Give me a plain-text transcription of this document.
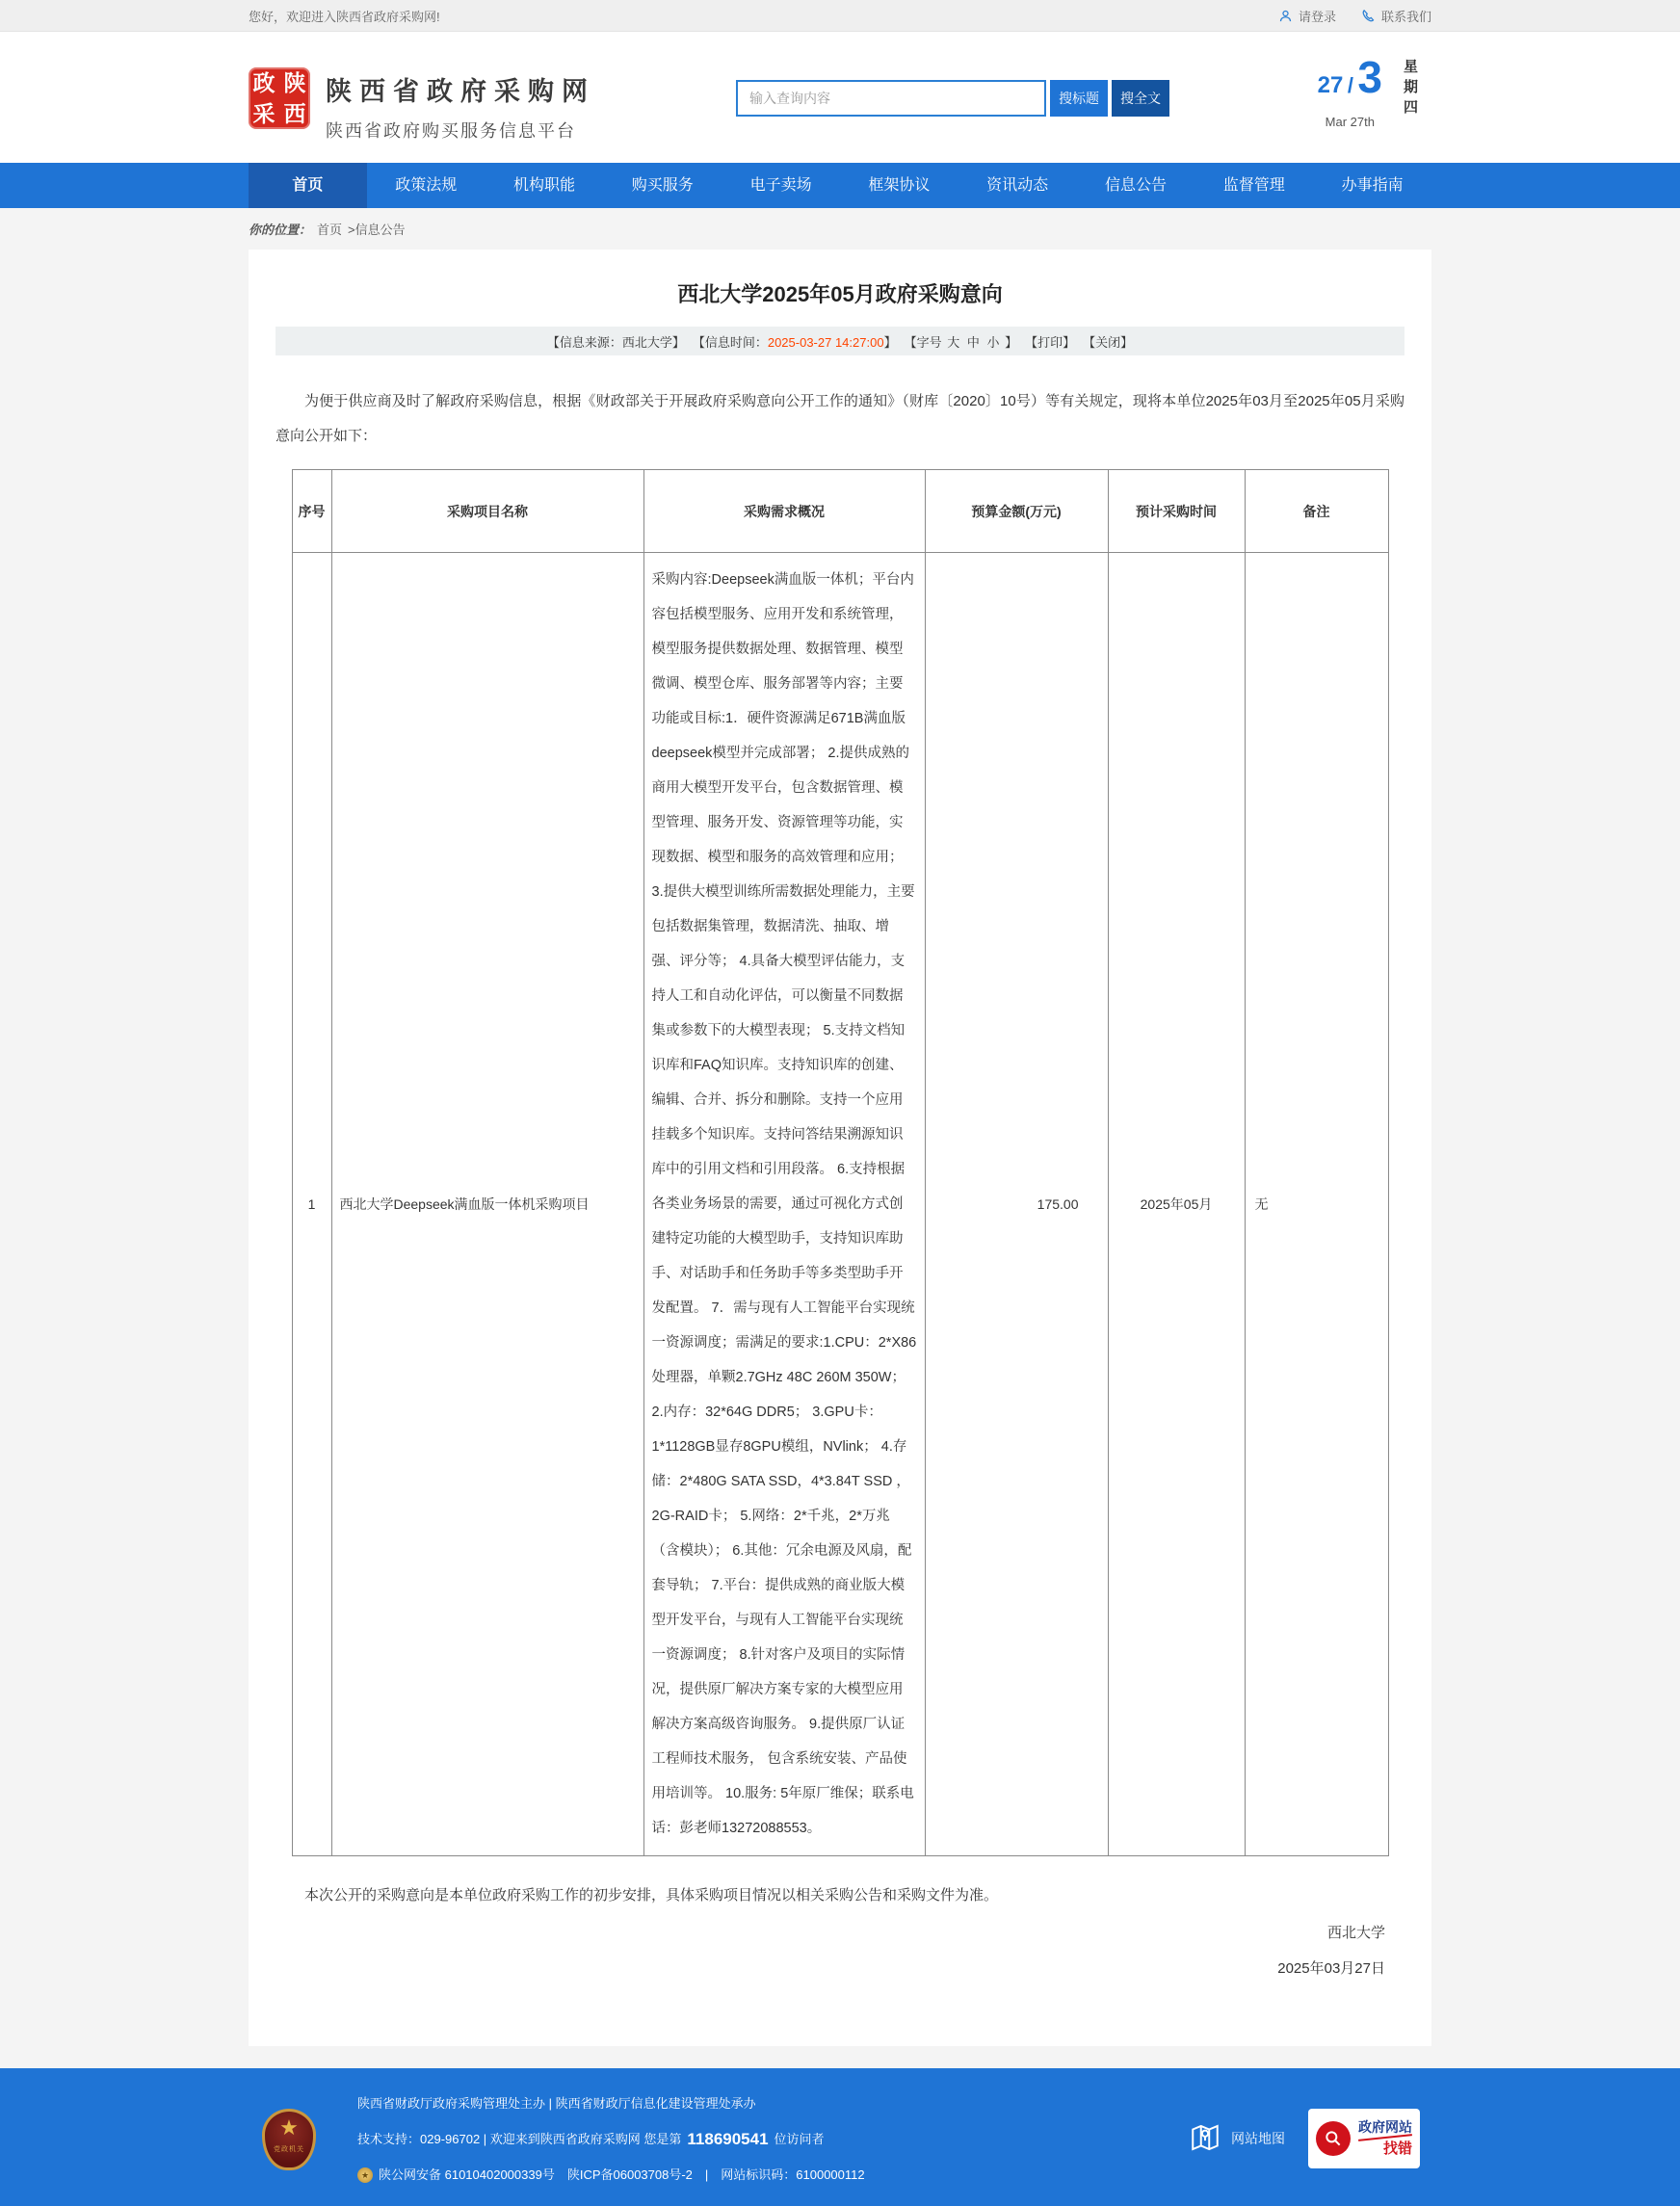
您好，欢迎进入陕西省政府采购网!	请登录	联系我们
政 陕
采 西
陕西省政府采购网
陕西省政府购买服务信息平台
输入查询内容
搜标题	搜全文	27 / 3
Mar 27th
星期四
首页	政策法规	机构职能	购买服务	电子卖场	框架协议	资讯动态	信息公告	监督管理	办事指南
你的位置： 首页 >信息公告
西北大学2025年05月政府采购意向
【信息来源：西北大学】 【信息时间：2025-03-27 14:27:00】 【字号 大 中 小 】 【打印】 【关闭】

为便于供应商及时了解政府采购信息，根据《财政部关于开展政府采购意向公开工作的通知》（财库〔2020〕10号）等有关规定，现将本单位2025年03月至2025年05月采购意向公开如下：

序号	采购项目名称	采购需求概况	预算金额(万元)	预计采购时间	备注
1	西北大学Deepseek满血版一体机采购项目	采购内容:Deepseek满血版一体机；平台内容包括模型服务、应用开发和系统管理，模型服务提供数据处理、数据管理、模型微调、模型仓库、服务部署等内容；主要功能或目标:1．硬件资源满足671B满血版deepseek模型并完成部署； 2.提供成熟的商用大模型开发平台，包含数据管理、模型管理、服务开发、资源管理等功能，实现数据、模型和服务的高效管理和应用； 3.提供大模型训练所需数据处理能力，主要包括数据集管理，数据清洗、抽取、增强、评分等； 4.具备大模型评估能力，支持人工和自动化评估，可以衡量不同数据集或参数下的大模型表现； 5.支持文档知识库和FAQ知识库。支持知识库的创建、编辑、合并、拆分和删除。支持一个应用挂载多个知识库。支持问答结果溯源知识库中的引用文档和引用段落。 6.支持根据各类业务场景的需要，通过可视化方式创建特定功能的大模型助手，支持知识库助手、对话助手和任务助手等多类型助手开发配置。 7．需与现有人工智能平台实现统一资源调度；需满足的要求:1.CPU：2*X86处理器，单颗2.7GHz 48C 260M 350W； 2.内存：32*64G DDR5； 3.GPU卡：1*1128GB显存8GPU模组，NVlink； 4.存储：2*480G SATA SSD，4*3.84T SSD ，2G-RAID卡； 5.网络：2*千兆，2*万兆（含模块）； 6.其他：冗余电源及风扇，配套导轨； 7.平台：提供成熟的商业版大模型开发平台，与现有人工智能平台实现统一资源调度； 8.针对客户及项目的实际情况，提供原厂解决方案专家的大模型应用解决方案高级咨询服务。 9.提供原厂认证工程师技术服务， 包含系统安装、产品使用培训等。 10.服务: 5年原厂维保；联系电话：彭老师13272088553。	175.00	2025年05月	无

本次公开的采购意向是本单位政府采购工作的初步安排，具体采购项目情况以相关采购公告和采购文件为准。

西北大学
2025年03月27日
★
党政机关
陕西省财政厅政府采购管理处主办 | 陕西省财政厅信息化建设管理处承办
技术支持：029-96702 | 欢迎来到陕西省政府采购网 您是第 118690541 位访问者
★ 陕公网安备 61010402000339号　陕ICP备06003708号-2　|　网站标识码：6100000112
网站地图
政府网站
找错
